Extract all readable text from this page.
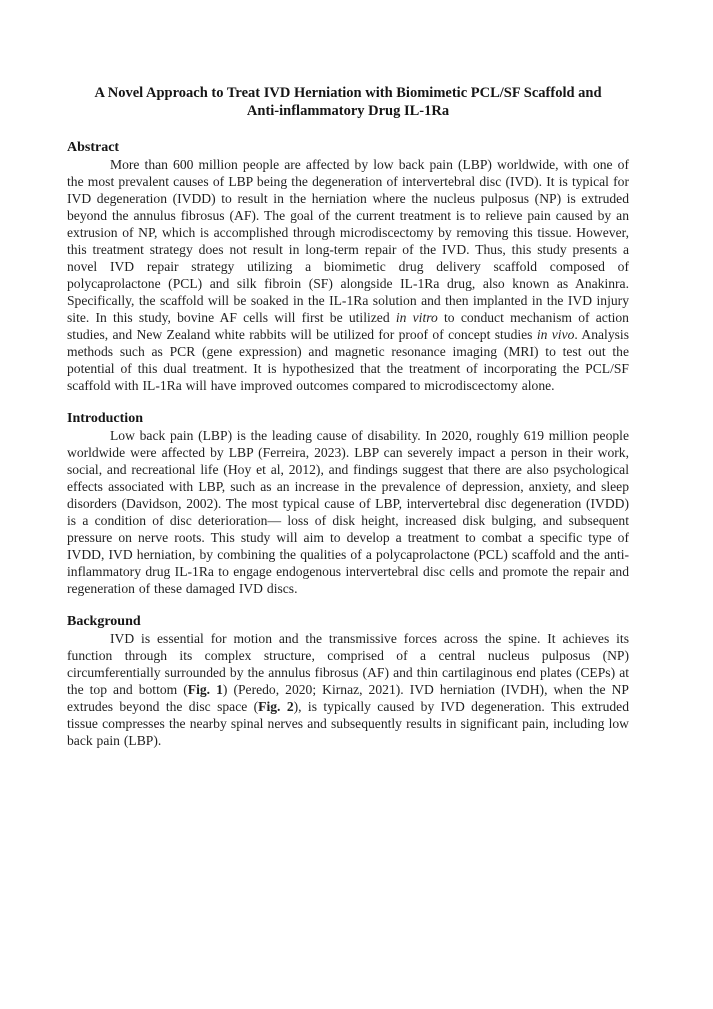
A Novel Approach to Treat IVD Herniation with Biomimetic PCL/SF Scaffold and
Anti-inflammatory Drug IL-1Ra
Abstract

More than 600 million people are affected by low back pain (LBP) worldwide, with one of the most prevalent causes of LBP being the degeneration of intervertebral disc (IVD). It is typical for IVD degeneration (IVDD) to result in the herniation where the nucleus pulposus (NP) is extruded beyond the annulus fibrosus (AF). The goal of the current treatment is to relieve pain caused by an extrusion of NP, which is accomplished through microdiscectomy by removing this tissue. However, this treatment strategy does not result in long-term repair of the IVD. Thus, this study presents a novel IVD repair strategy utilizing a biomimetic drug delivery scaffold composed of polycaprolactone (PCL) and silk fibroin (SF) alongside IL-1Ra drug, also known as Anakinra. Specifically, the scaffold will be soaked in the IL-1Ra solution and then implanted in the IVD injury site. In this study, bovine AF cells will first be utilized in vitro to conduct mechanism of action studies, and New Zealand white rabbits will be utilized for proof of concept studies in vivo. Analysis methods such as PCR (gene expression) and magnetic resonance imaging (MRI) to test out the potential of this dual treatment. It is hypothesized that the treatment of incorporating the PCL/SF scaffold with IL-1Ra will have improved outcomes compared to microdiscectomy alone.

Introduction

Low back pain (LBP) is the leading cause of disability. In 2020, roughly 619 million people worldwide were affected by LBP (Ferreira, 2023). LBP can severely impact a person in their work, social, and recreational life (Hoy et al, 2012), and findings suggest that there are also psychological effects associated with LBP, such as an increase in the prevalence of depression, anxiety, and sleep disorders (Davidson, 2002). The most typical cause of LBP, intervertebral disc degeneration (IVDD) is a condition of disc deterioration— loss of disk height, increased disk bulging, and subsequent pressure on nerve roots. This study will aim to develop a treatment to combat a specific type of IVDD, IVD herniation, by combining the qualities of a polycaprolactone (PCL) scaffold and the anti-inflammatory drug IL-1Ra to engage endogenous intervertebral disc cells and promote the repair and regeneration of these damaged IVD discs.

Background

IVD is essential for motion and the transmissive forces across the spine. It achieves its function through its complex structure, comprised of a central nucleus pulposus (NP) circumferentially surrounded by the annulus fibrosus (AF) and thin cartilaginous end plates (CEPs) at the top and bottom (Fig. 1) (Peredo, 2020; Kirnaz, 2021). IVD herniation (IVDH), when the NP extrudes beyond the disc space (Fig. 2), is typically caused by IVD degeneration. This extruded tissue compresses the nearby spinal nerves and subsequently results in significant pain, including low back pain (LBP).
